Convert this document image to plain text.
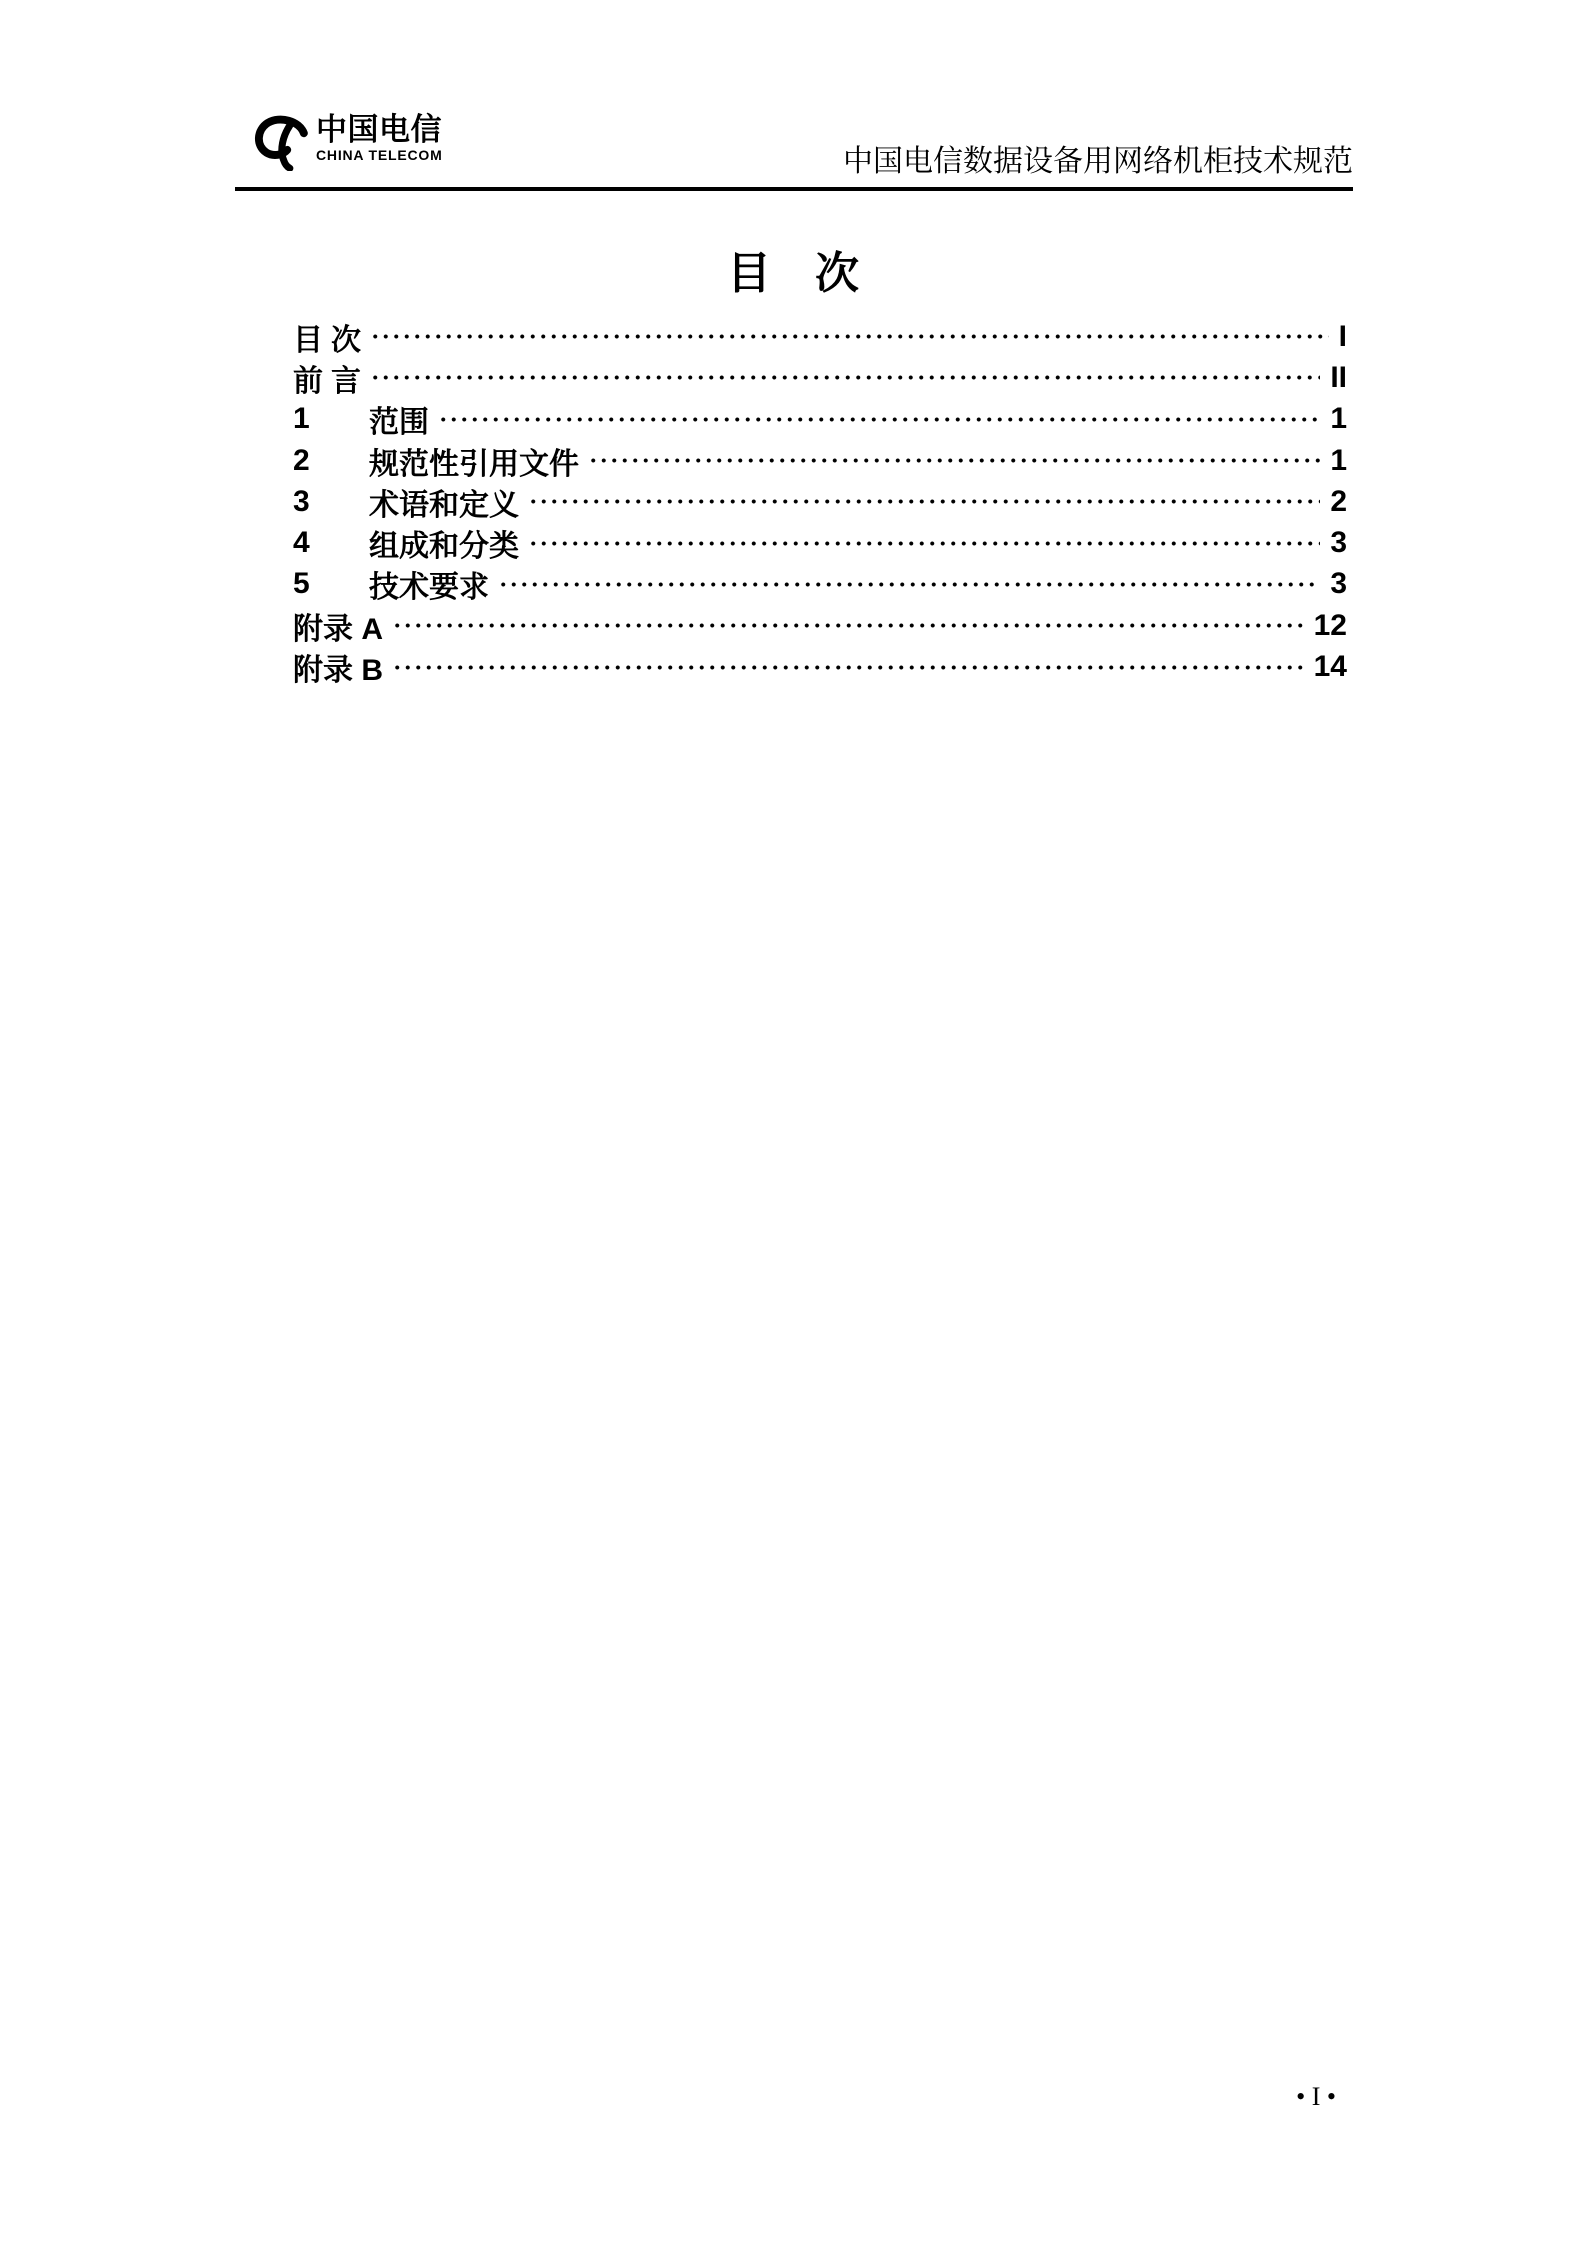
中国电信
CHINA TELECOM	中国电信数据设备用网络机柜技术规范
目　次
目 次	I
前 言	II
1	范围	1
2	规范性引用文件	1
3	术语和定义	2
4	组成和分类	3
5	技术要求	3
附录 A	12
附录 B	14
• I •
